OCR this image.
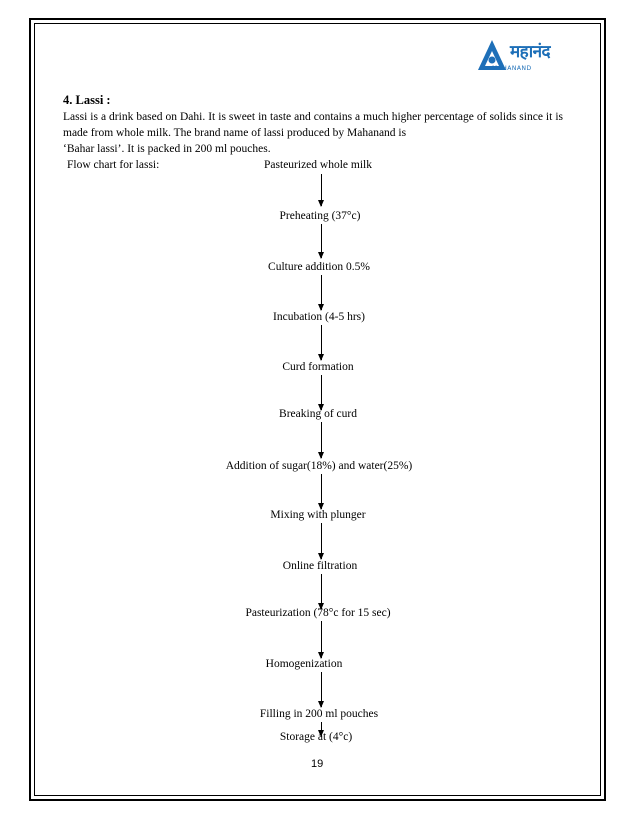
महानंद
MAHANAND
4. Lassi :

Lassi is a drink based on Dahi. It is sweet in taste and contains a much higher percentage of solids since it is made from whole milk. The brand name of lassi produced by Mahanand is

‘Bahar lassi’. It is packed in 200 ml pouches.

Flow chart for lassi:	Pasteurized whole milk
Preheating (37°c)
Culture addition 0.5%
Incubation (4-5 hrs)
Curd formation
Breaking of curd
Addition of sugar(18%) and water(25%)
Mixing with plunger
Online filtration
Pasteurization (78°c for 15 sec)
Homogenization
Filling in 200 ml pouches
Storage at (4°c)
19
